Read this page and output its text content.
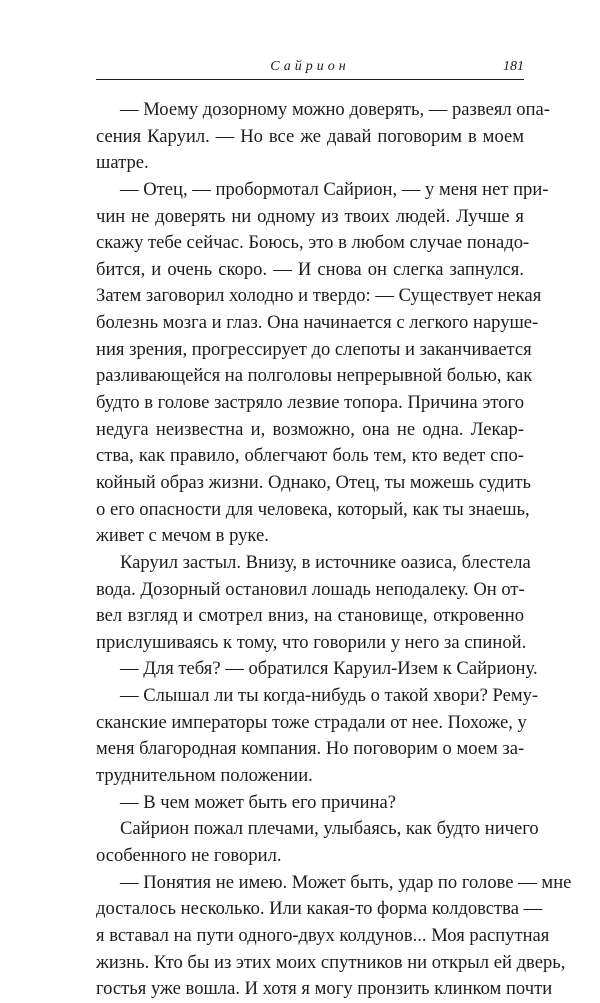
Сайрион	181
— Моему дозорному можно доверять, — развеял опа-
сения Каруил. — Но все же давай поговорим в моем
шатре.
— Отец, — пробормотал Сайрион, — у меня нет при-
чин не доверять ни одному из твоих людей. Лучше я
скажу тебе сейчас. Боюсь, это в любом случае понадо-
бится, и очень скоро. — И снова он слегка запнулся.
Затем заговорил холодно и твердо: — Существует некая
болезнь мозга и глаз. Она начинается с легкого наруше-
ния зрения, прогрессирует до слепоты и заканчивается
разливающейся на полголовы непрерывной болью, как
будто в голове застряло лезвие топора. Причина этого
недуга неизвестна и, возможно, она не одна. Лекар-
ства, как правило, облегчают боль тем, кто ведет спо-
койный образ жизни. Однако, Отец, ты можешь судить
о его опасности для человека, который, как ты знаешь,
живет с мечом в руке.
Каруил застыл. Внизу, в источнике оазиса, блестела
вода. Дозорный остановил лошадь неподалеку. Он от-
вел взгляд и смотрел вниз, на становище, откровенно
прислушиваясь к тому, что говорили у него за спиной.
— Для тебя? — обратился Каруил-Изем к Сайриону.
— Слышал ли ты когда-нибудь о такой хвори? Рему-
сканские императоры тоже страдали от нее. Похоже, у
меня благородная компания. Но поговорим о моем за-
труднительном положении.
— В чем может быть его причина?
Сайрион пожал плечами, улыбаясь, как будто ничего
особенного не говорил.
— Понятия не имею. Может быть, удар по голове — мне
досталось несколько. Или какая-то форма колдовства —
я вставал на пути одного-двух колдунов... Моя распутная
жизнь. Кто бы из этих моих спутников ни открыл ей дверь,
гостья уже вошла. И хотя я могу пронзить клинком почти
